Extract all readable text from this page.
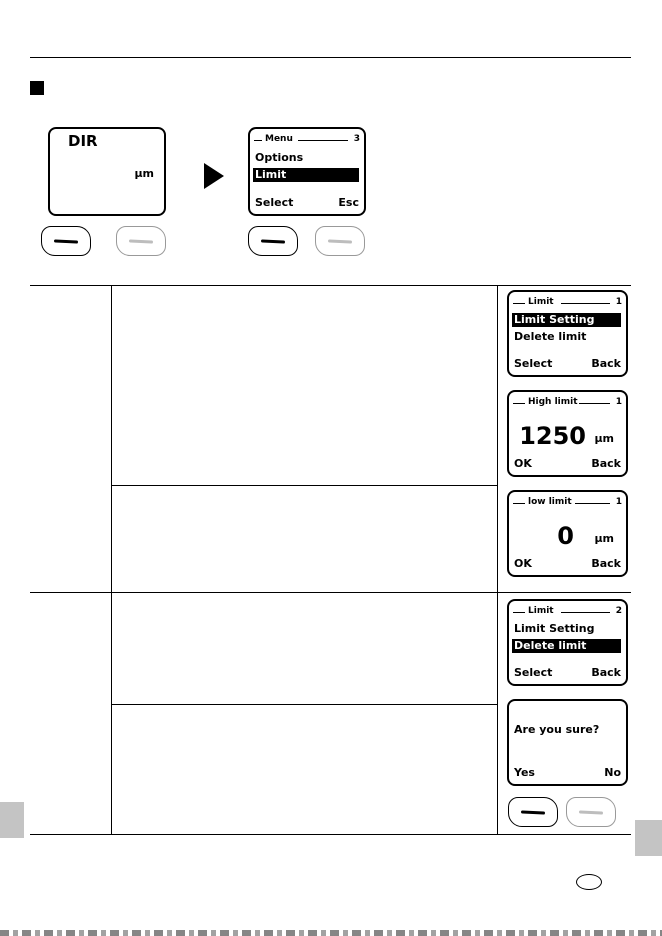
DIR
µm
Menu	3
Options
Limit
Select	Esc
Limit	1
Limit Setting
Delete limit
Select	Back
High limit	1
1250 µm
OK	Back
low limit	1
0 µm
OK	Back
Limit	2
Limit Setting
Delete limit
Select	Back
Are you sure?
Yes	No
